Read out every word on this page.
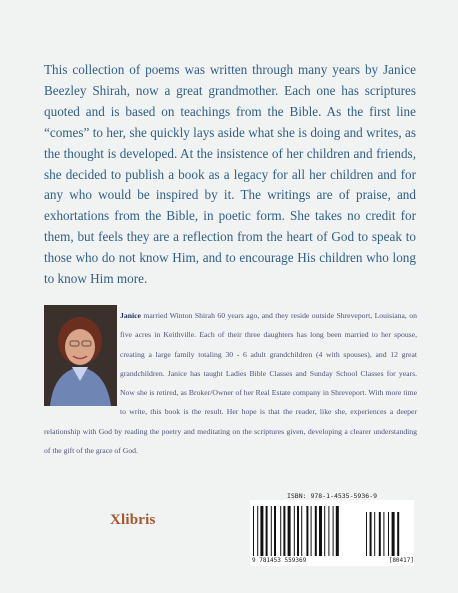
This collection of poems was written through many years by Janice Beezley Shirah, now a great grandmother. Each one has scriptures quoted and is based on teachings from the Bible. As the first line “comes” to her, she quickly lays aside what she is doing and writes, as the thought is developed. At the insistence of her children and friends, she decided to publish a book as a legacy for all her children and for any who would be inspired by it. The writings are of praise, and exhortations from the Bible, in poetic form. She takes no credit for them, but feels they are a reflection from the heart of God to speak to those who do not know Him, and to encourage His children who long to know Him more.

Janice married Winton Shirah 60 years ago, and they reside outside Shreveport, Louisiana, on five acres in Keithville. Each of their three daughters has long been married to her spouse, creating a large family totaling 30 - 6 adult grandchildren (4 with spouses), and 12 great grandchildren. Janice has taught Ladies Bible Classes and Sunday School Classes for years. Now she is retired, as Broker/Owner of her Real Estate company in Shreveport. With more time to write, this book is the result. Her hope is that the reader, like she, experiences a deeper relationship with God by reading the poetry and meditating on the scriptures given, developing a clearer understanding of the gift of the grace of God.
Xlibris
ISBN: 978-1-4535-5936-9
9 781453 559369	[80417]
